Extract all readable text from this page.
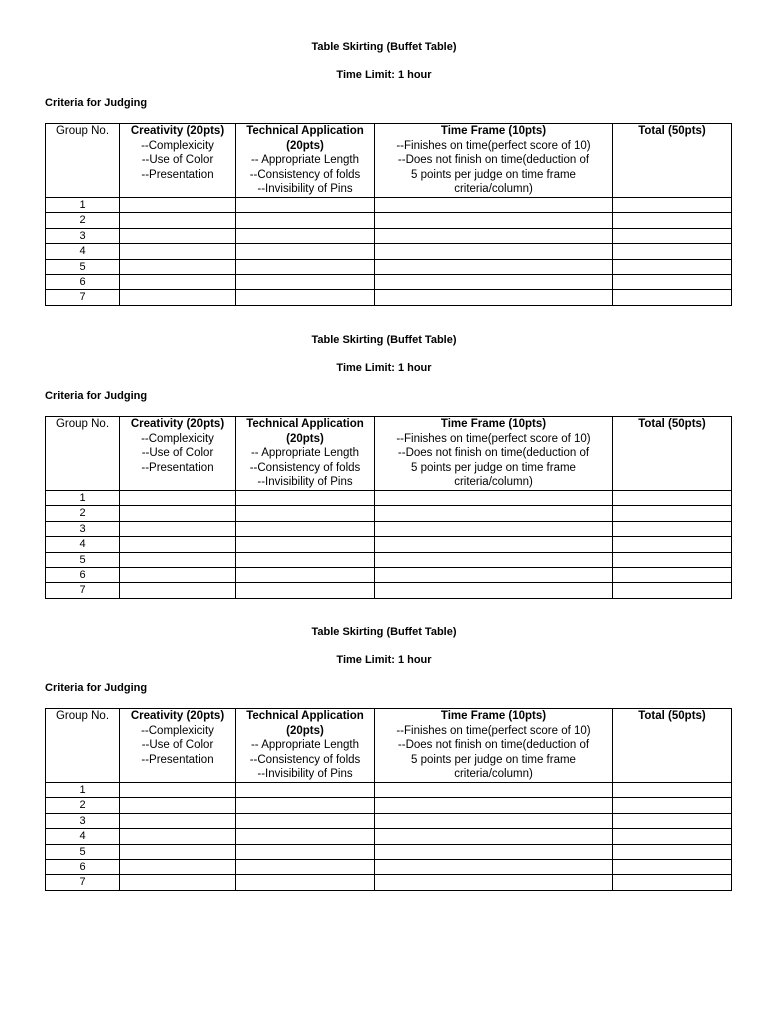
Table Skirting (Buffet Table)
Time Limit: 1 hour
Criteria for Judging
Group No.	Creativity (20pts)
--Complexicity
--Use of Color
--Presentation	Technical Application (20pts)
-- Appropriate Length
--Consistency of folds
--Invisibility of Pins	Time Frame (10pts)
--Finishes on time(perfect score of 10)
--Does not finish on time(deduction of
5 points per judge on time frame
criteria/column)	Total (50pts)

1				
2				
3				
4				
5				
6				
7				
Table Skirting (Buffet Table)
Time Limit: 1 hour
Criteria for Judging
Group No.	Creativity (20pts)
--Complexicity
--Use of Color
--Presentation	Technical Application
(20pts)
-- Appropriate Length
--Consistency of folds
--Invisibility of Pins	Time Frame (10pts)
--Finishes on time(perfect score of 10)
--Does not finish on time(deduction of
5 points per judge on time frame
criteria/column)	Total (50pts)

1				
2				
3				
4				
5				
6				
7				
Table Skirting (Buffet Table)
Time Limit: 1 hour
Criteria for Judging
Group No.	Creativity (20pts)
--Complexicity
--Use of Color
--Presentation	Technical Application
(20pts)
-- Appropriate Length
--Consistency of folds
--Invisibility of Pins	Time Frame (10pts)
--Finishes on time(perfect score of 10)
--Does not finish on time(deduction of
5 points per judge on time frame
criteria/column)	Total (50pts)

1				
2				
3				
4				
5				
6				
7				
